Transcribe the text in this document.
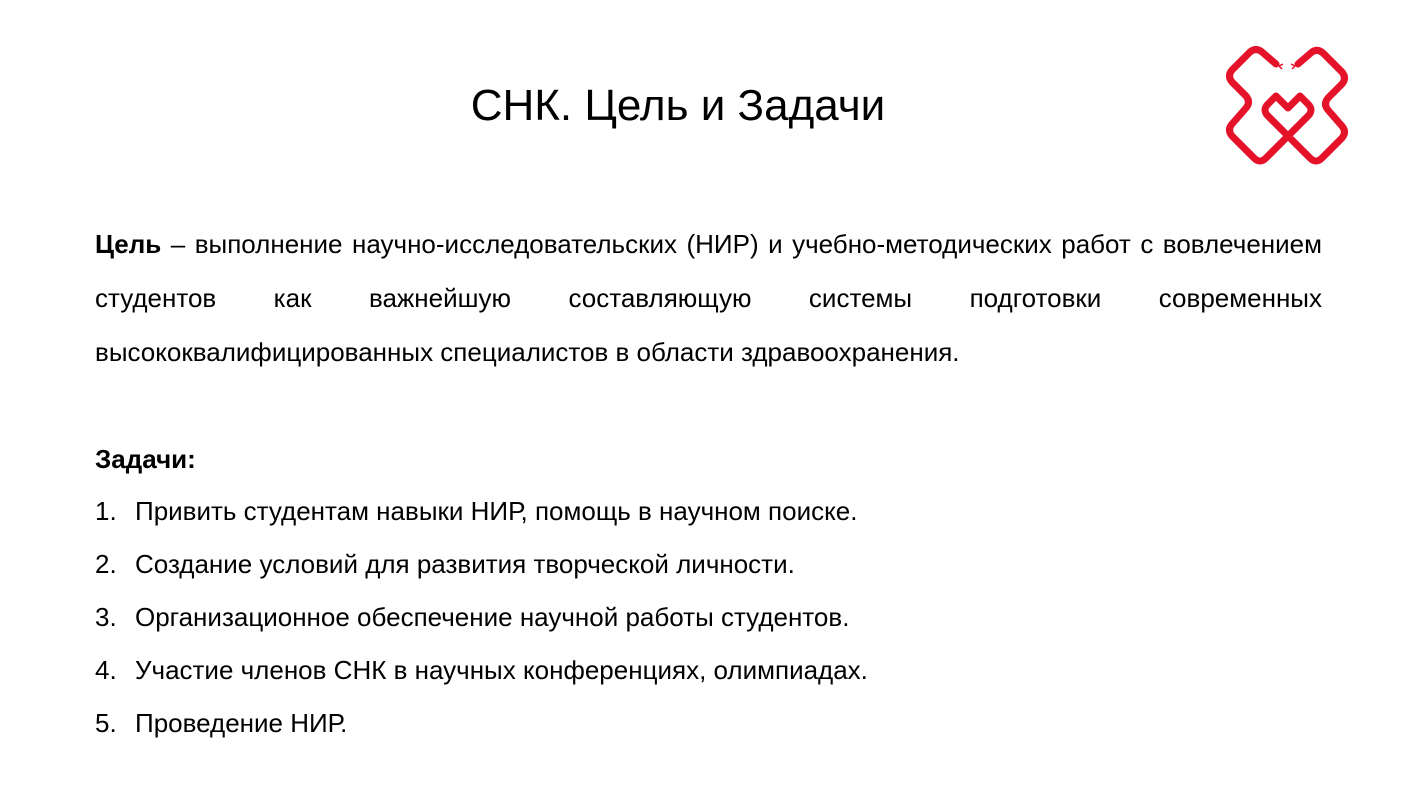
СНК. Цель и Задачи
Цель – выполнение научно-исследовательских (НИР) и учебно-методических работ с вовлечением студентов как важнейшую составляющую системы подготовки современных высококвалифицированных специалистов в области здравоохранения.
Задачи:
1. Привить студентам навыки НИР, помощь в научном поиске.
2. Создание условий для развития творческой личности.
3. Организационное обеспечение научной работы студентов.
4. Участие членов СНК в научных конференциях, олимпиадах.
5. Проведение НИР.
